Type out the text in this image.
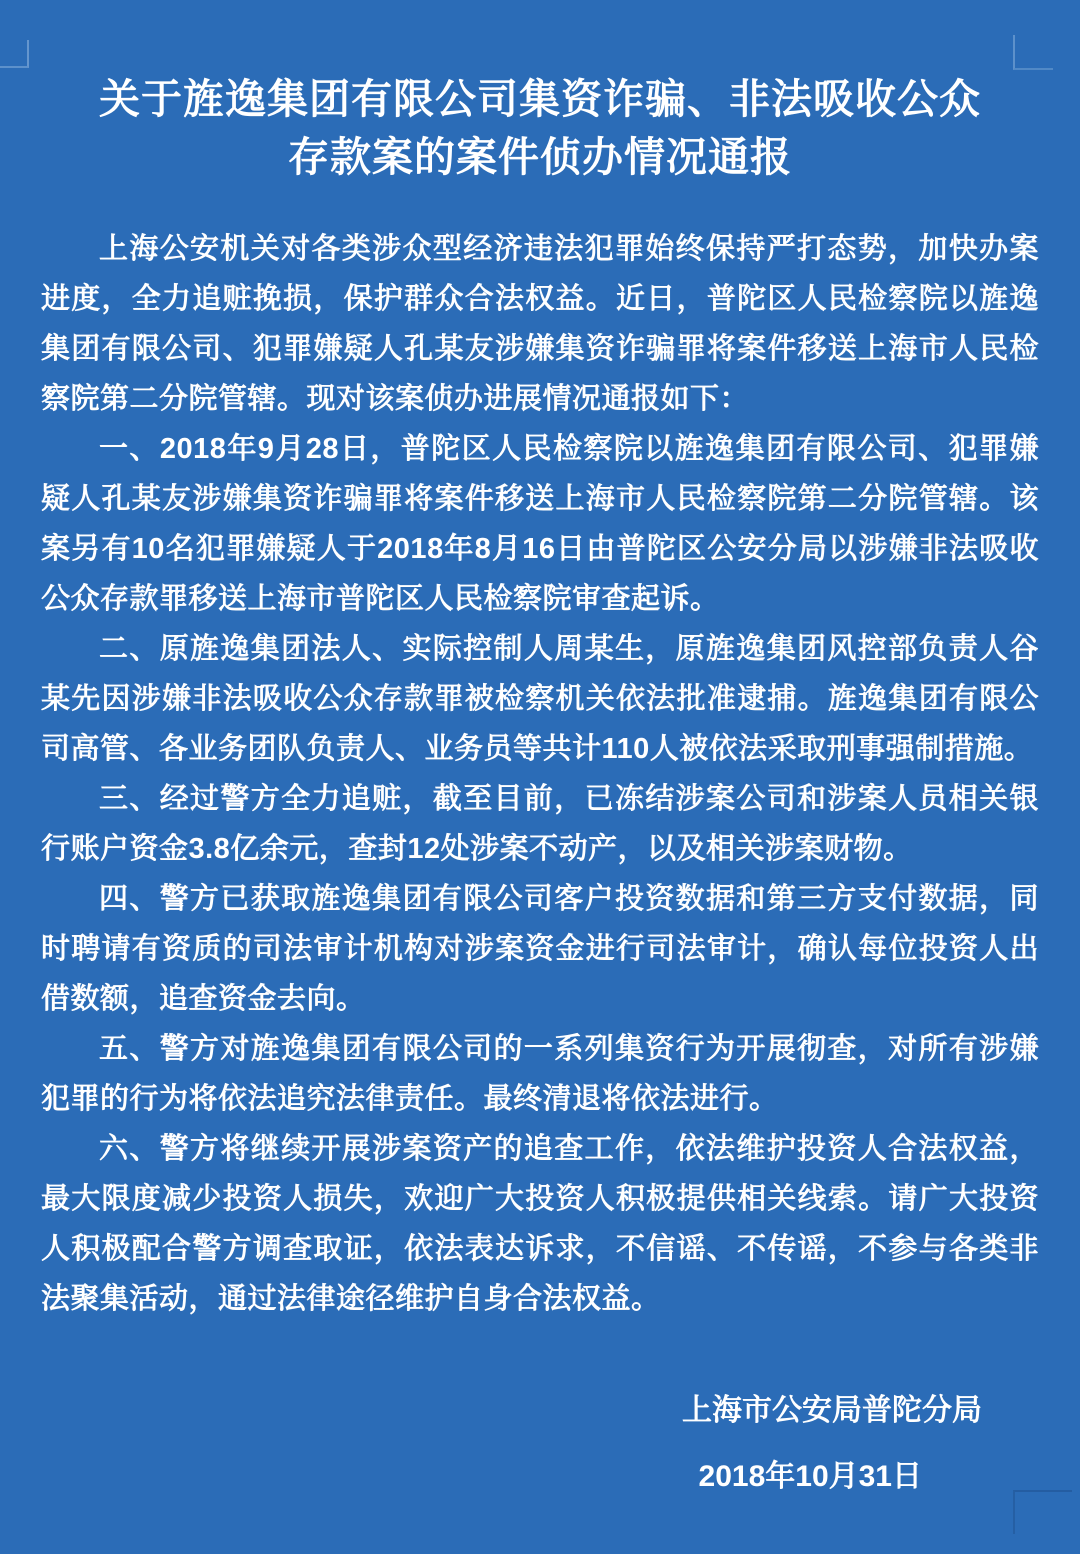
关于旌逸集团有限公司集资诈骗、非法吸收公众
存款案的案件侦办情况通报

上海公安机关对各类涉众型经济违法犯罪始终保持严打态势，加快办案进度，全力追赃挽损，保护群众合法权益。近日，普陀区人民检察院以旌逸集团有限公司、犯罪嫌疑人孔某友涉嫌集资诈骗罪将案件移送上海市人民检察院第二分院管辖。现对该案侦办进展情况通报如下：

一、2018年9月28日，普陀区人民检察院以旌逸集团有限公司、犯罪嫌疑人孔某友涉嫌集资诈骗罪将案件移送上海市人民检察院第二分院管辖。该案另有10名犯罪嫌疑人于2018年8月16日由普陀区公安分局以涉嫌非法吸收公众存款罪移送上海市普陀区人民检察院审查起诉。

二、原旌逸集团法人、实际控制人周某生，原旌逸集团风控部负责人谷某先因涉嫌非法吸收公众存款罪被检察机关依法批准逮捕。旌逸集团有限公司高管、各业务团队负责人、业务员等共计110人被依法采取刑事强制措施。

三、经过警方全力追赃，截至目前，已冻结涉案公司和涉案人员相关银行账户资金3.8亿余元，查封12处涉案不动产，以及相关涉案财物。

四、警方已获取旌逸集团有限公司客户投资数据和第三方支付数据，同时聘请有资质的司法审计机构对涉案资金进行司法审计，确认每位投资人出借数额，追查资金去向。

五、警方对旌逸集团有限公司的一系列集资行为开展彻查，对所有涉嫌犯罪的行为将依法追究法律责任。最终清退将依法进行。

六、警方将继续开展涉案资产的追查工作，依法维护投资人合法权益，最大限度减少投资人损失，欢迎广大投资人积极提供相关线索。请广大投资人积极配合警方调查取证，依法表达诉求，不信谣、不传谣，不参与各类非法聚集活动，通过法律途径维护自身合法权益。

上海市公安局普陀分局
2018年10月31日
